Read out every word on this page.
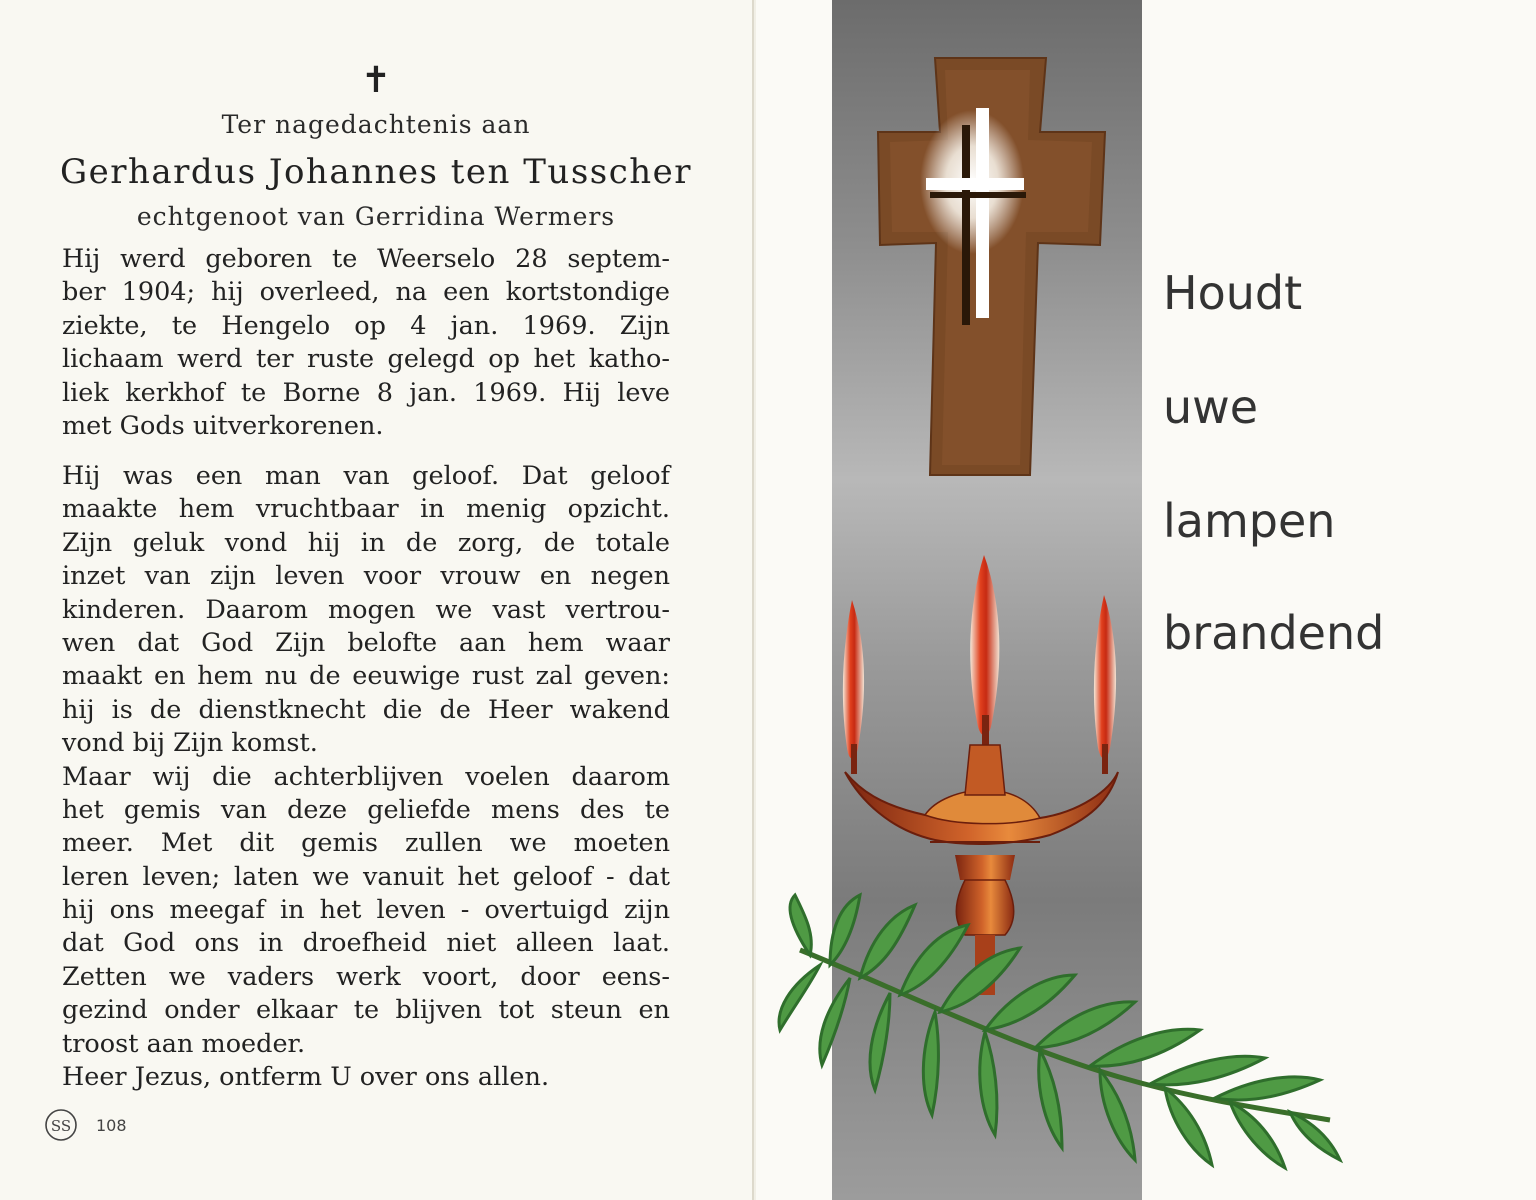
✝
Ter nagedachtenis aan
Gerhardus Johannes ten Tusscher
echtgenoot van Gerridina Wermers
Hij werd geboren te Weerselo 28 septem-
ber 1904; hij overleed, na een kortstondige
ziekte, te Hengelo op 4 jan. 1969. Zijn
lichaam werd ter ruste gelegd op het katho-
liek kerkhof te Borne 8 jan. 1969. Hij leve
met Gods uitverkorenen.
Hij was een man van geloof. Dat geloof
maakte hem vruchtbaar in menig opzicht.
Zijn geluk vond hij in de zorg, de totale
inzet van zijn leven voor vrouw en negen
kinderen. Daarom mogen we vast vertrou-
wen dat God Zijn belofte aan hem waar
maakt en hem nu de eeuwige rust zal geven:
hij is de dienstknecht die de Heer wakend
vond bij Zijn komst.
Maar wij die achterblijven voelen daarom
het gemis van deze geliefde mens des te
meer. Met dit gemis zullen we moeten
leren leven; laten we vanuit het geloof - dat
hij ons meegaf in het leven - overtuigd zijn
dat God ons in droefheid niet alleen laat.
Zetten we vaders werk voort, door eens-
gezind onder elkaar te blijven tot steun en
troost aan moeder.
Heer Jezus, ontferm U over ons allen.
SS 108
Houdt
uwe
lampen
brandend
